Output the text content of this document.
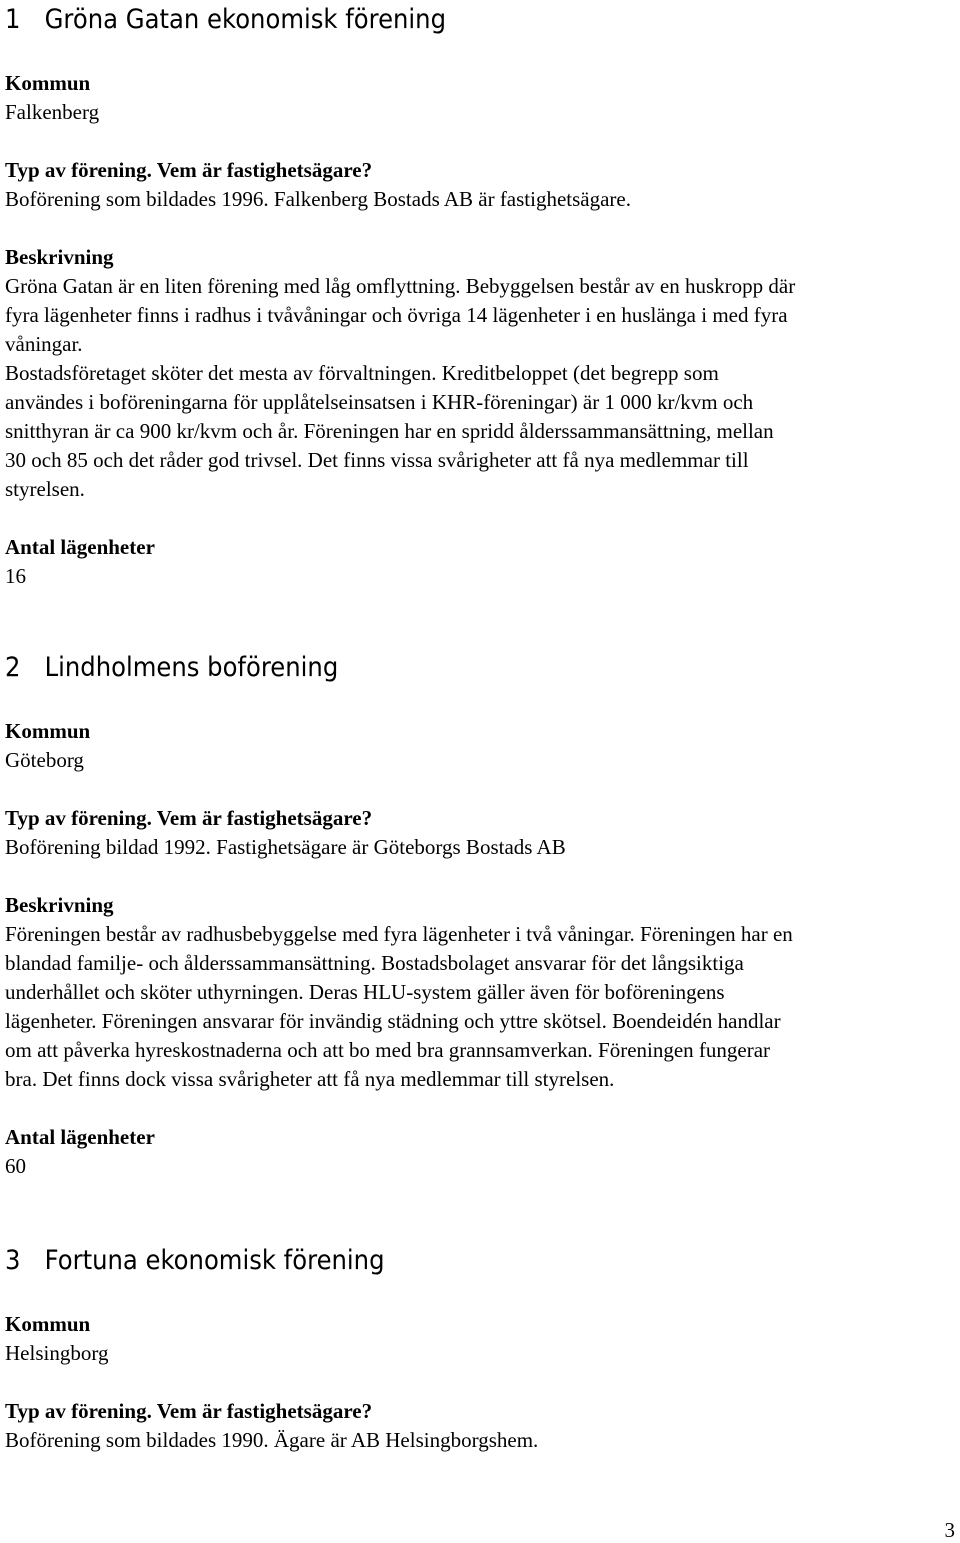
1 Gröna Gatan ekonomisk förening

Kommun

Falkenberg

Typ av förening. Vem är fastighetsägare?

Boförening som bildades 1996. Falkenberg Bostads AB är fastighetsägare.

Beskrivning

Gröna Gatan är en liten förening med låg omflyttning. Bebyggelsen består av en huskropp där

fyra lägenheter finns i radhus i tvåvåningar och övriga 14 lägenheter i en huslänga i med fyra

våningar.

Bostadsföretaget sköter det mesta av förvaltningen. Kreditbeloppet (det begrepp som

användes i boföreningarna för upplåtelseinsatsen i KHR-föreningar) är 1 000 kr/kvm och

snitthyran är ca 900 kr/kvm och år. Föreningen har en spridd ålderssammansättning, mellan

30 och 85 och det råder god trivsel. Det finns vissa svårigheter att få nya medlemmar till

styrelsen.

Antal lägenheter

16

2 Lindholmens boförening

Kommun

Göteborg

Typ av förening. Vem är fastighetsägare?

Boförening bildad 1992. Fastighetsägare är Göteborgs Bostads AB

Beskrivning

Föreningen består av radhusbebyggelse med fyra lägenheter i två våningar. Föreningen har en

blandad familje- och ålderssammansättning. Bostadsbolaget ansvarar för det långsiktiga

underhållet och sköter uthyrningen. Deras HLU-system gäller även för boföreningens

lägenheter. Föreningen ansvarar för invändig städning och yttre skötsel. Boendeidén handlar

om att påverka hyreskostnaderna och att bo med bra grannsamverkan. Föreningen fungerar

bra. Det finns dock vissa svårigheter att få nya medlemmar till styrelsen.

Antal lägenheter

60

3 Fortuna ekonomisk förening

Kommun

Helsingborg

Typ av förening. Vem är fastighetsägare?

Boförening som bildades 1990. Ägare är AB Helsingborgshem.

3
